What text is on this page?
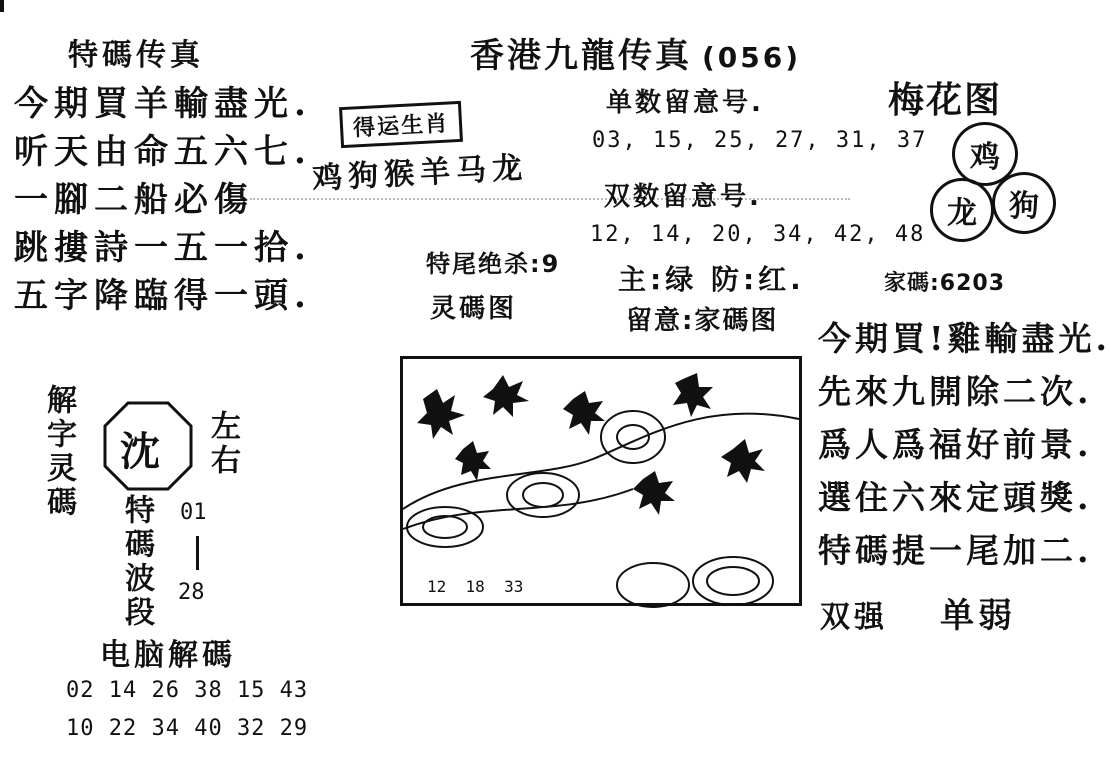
特碼传真
今期買羊輸盡光.
听天由命五六七.
一腳二船必傷
跳摟詩一五一拾.
五字降臨得一頭.
香港九龍传真 (056)
得运生肖
鸡狗猴羊马龙
单数留意号.
03, 15, 25, 27, 31, 37
双数留意号.
12, 14, 20, 34, 42, 48
特尾绝杀:9
灵碼图
主:绿 防:红.
留意:家碼图
梅花图
鸡
龙 狗
家碼:6203
12  18  33
今期買!雞輸盡光.
先來九開除二次.
爲人爲福好前景.
選住六來定頭獎.
特碼提一尾加二.
双强 单弱
解字灵碼 沈 左右
特碼波段 01
28
电脑解碼
02 14 26 38 15 43
10 22 34 40 32 29
